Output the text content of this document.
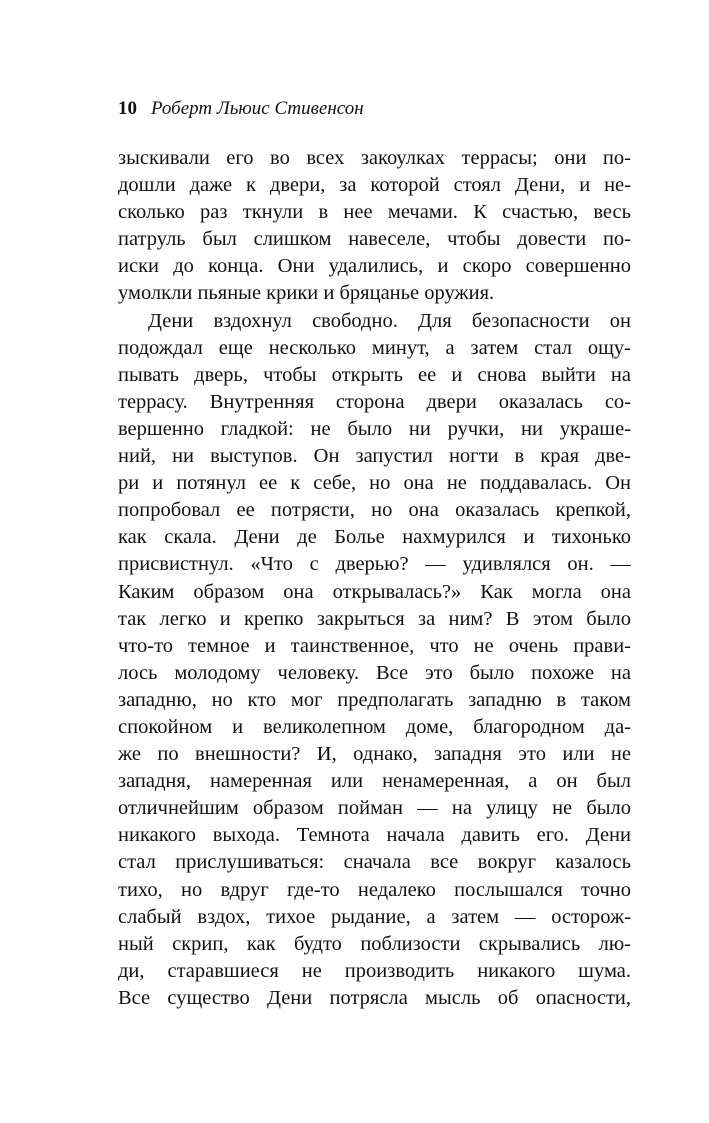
10 Роберт Льюис Стивенсон
зыскивали его во всех закоулках террасы; они по-
дошли даже к двери, за которой стоял Дени, и не-
сколько раз ткнули в нее мечами. К счастью, весь
патруль был слишком навеселе, чтобы довести по-
иски до конца. Они удалились, и скоро совершенно
умолкли пьяные крики и бряцанье оружия.
Дени вздохнул свободно. Для безопасности он
подождал еще несколько минут, а затем стал ощу-
пывать дверь, чтобы открыть ее и снова выйти на
террасу. Внутренняя сторона двери оказалась со-
вершенно гладкой: не было ни ручки, ни украше-
ний, ни выступов. Он запустил ногти в края две-
ри и потянул ее к себе, но она не поддавалась. Он
попробовал ее потрясти, но она оказалась крепкой,
как скала. Дени де Болье нахмурился и тихонько
присвистнул. «Что с дверью? — удивлялся он. —
Каким образом она открывалась?» Как могла она
так легко и крепко закрыться за ним? В этом было
что-то темное и таинственное, что не очень прави-
лось молодому человеку. Все это было похоже на
западню, но кто мог предполагать западню в таком
спокойном и великолепном доме, благородном да-
же по внешности? И, однако, западня это или не
западня, намеренная или ненамеренная, а он был
отличнейшим образом пойман — на улицу не было
никакого выхода. Темнота начала давить его. Дени
стал прислушиваться: сначала все вокруг казалось
тихо, но вдруг где-то недалеко послышался точно
слабый вздох, тихое рыдание, а затем — осторож-
ный скрип, как будто поблизости скрывались лю-
ди, старавшиеся не производить никакого шума.
Все существо Дени потрясла мысль об опасности,
